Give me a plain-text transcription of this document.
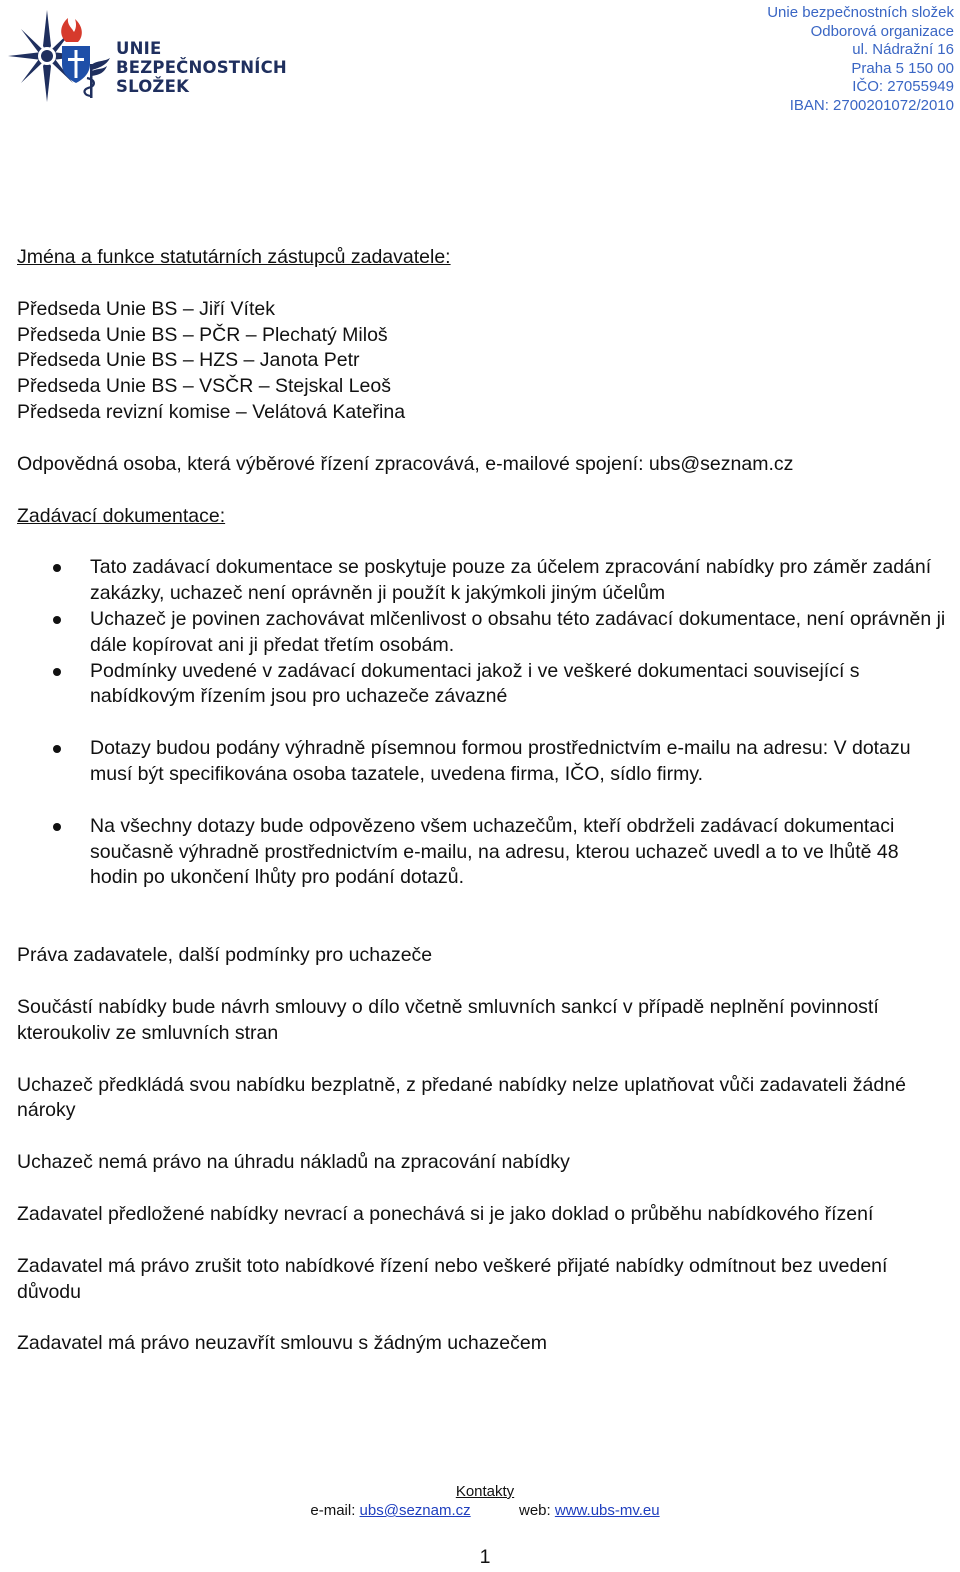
UNIE
BEZPEČNOSTNÍCH
SLOŽEK
Unie bezpečnostních složek
Odborová organizace
ul. Nádražní 16
Praha 5 150 00
IČO: 27055949
IBAN: 2700201072/2010

Jména a funkce statutárních zástupců zadavatele:

Předseda Unie BS – Jiří Vítek

Předseda Unie BS – PČR – Plechatý Miloš

Předseda Unie BS – HZS – Janota Petr

Předseda Unie BS – VSČR – Stejskal Leoš

Předseda revizní komise – Velátová Kateřina

Odpovědná osoba, která výběrové řízení zpracovává, e-mailové spojení: ubs@seznam.cz

Zadávací dokumentace:

Tato zadávací dokumentace se poskytuje pouze za účelem zpracování nabídky pro záměr zadání zakázky, uchazeč není oprávněn ji použít k jakýmkoli jiným účelům
Uchazeč je povinen zachovávat mlčenlivost o obsahu této zadávací dokumentace, není oprávněn ji dále kopírovat ani ji předat třetím osobám.
Podmínky uvedené v zadávací dokumentaci jakož i ve veškeré dokumentaci související s nabídkovým řízením jsou pro uchazeče závazné
Dotazy budou podány výhradně písemnou formou prostřednictvím e-mailu na adresu: V dotazu musí být specifikována osoba tazatele, uvedena firma, IČO, sídlo firmy.
Na všechny dotazy bude odpovězeno všem uchazečům, kteří obdrželi zadávací dokumentaci současně výhradně prostřednictvím e-mailu, na adresu, kterou uchazeč uvedl a to ve lhůtě 48 hodin po ukončení lhůty pro podání dotazů.

Práva zadavatele, další podmínky pro uchazeče

Součástí nabídky bude návrh smlouvy o dílo včetně smluvních sankcí v případě neplnění povinností kteroukoliv ze smluvních stran

Uchazeč předkládá svou nabídku bezplatně, z předané nabídky nelze uplatňovat vůči zadavateli žádné nároky

Uchazeč nemá právo na úhradu nákladů na zpracování nabídky

Zadavatel předložené nabídky nevrací a ponechává si je jako doklad o průběhu nabídkového řízení

Zadavatel má právo zrušit toto nabídkové řízení nebo veškeré přijaté nabídky odmítnout bez uvedení důvodu

Zadavatel má právo neuzavřít smlouvu s žádným uchazečem

Kontakty
e-mail: ubs@seznam.cz	web: www.ubs-mv.eu
1
